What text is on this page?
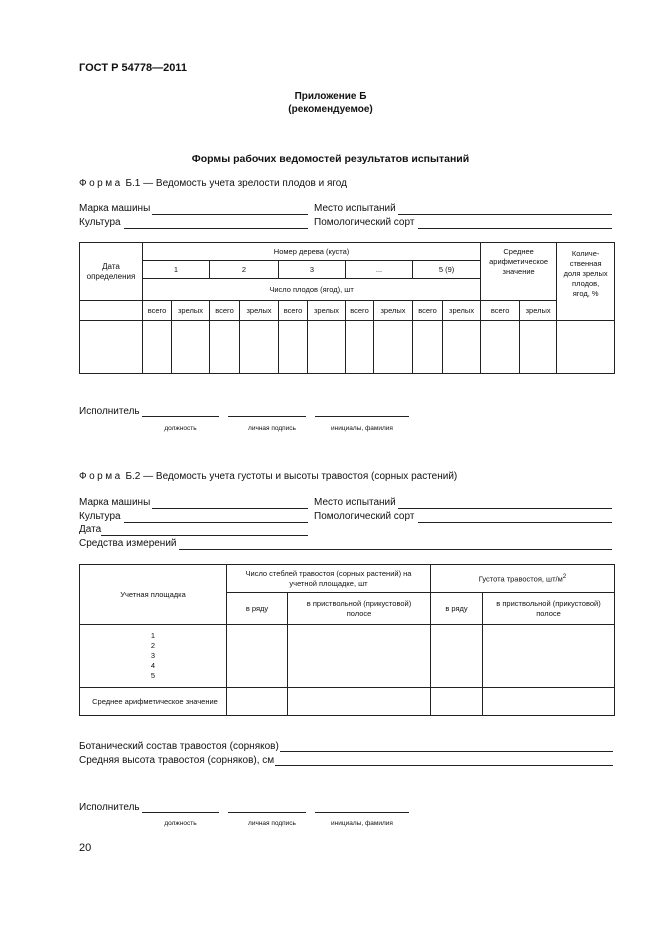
ГОСТ Р 54778—2011
Приложение Б
(рекомендуемое)
Формы рабочих ведомостей результатов испытаний
Форма Б.1 — Ведомость учета зрелости плодов и ягод
Марка машины	Место испытаний
Культура	Помологический сорт
Дата определения	Номер дерева (куста)										Среднее арифметическое значение		Количе-ственная доля зрелых плодов, ягод, %
	1		2		3		...		5 (9)				
	Число плодов (ягод), шт												
	всего	зрелых	всего	зрелых	всего	зрелых	всего	зрелых	всего	зрелых	всего	зрелых	

Исполнитель
должность	личная подпись	инициалы, фамилия
Форма Б.2 — Ведомость учета густоты и высоты травостоя (сорных растений)
Марка машины	Место испытаний
Культура	Помологический сорт
Дата
Средства измерений
Учетная площадка	Число стеблей травостоя (сорных растений) на учетной площадке, шт		Густота травостоя, $шт/м^2$
	в ряду	в приствольной (прикустовой) полосе	в ряду	в приствольной (прикустовой) полосе

1
2
3
4
5				

Среднее арифметическое значение				

Ботанический состав травостоя (сорняков)
Средняя высота травостоя (сорняков), см
Исполнитель
должность	личная подпись	инициалы, фамилия
20
